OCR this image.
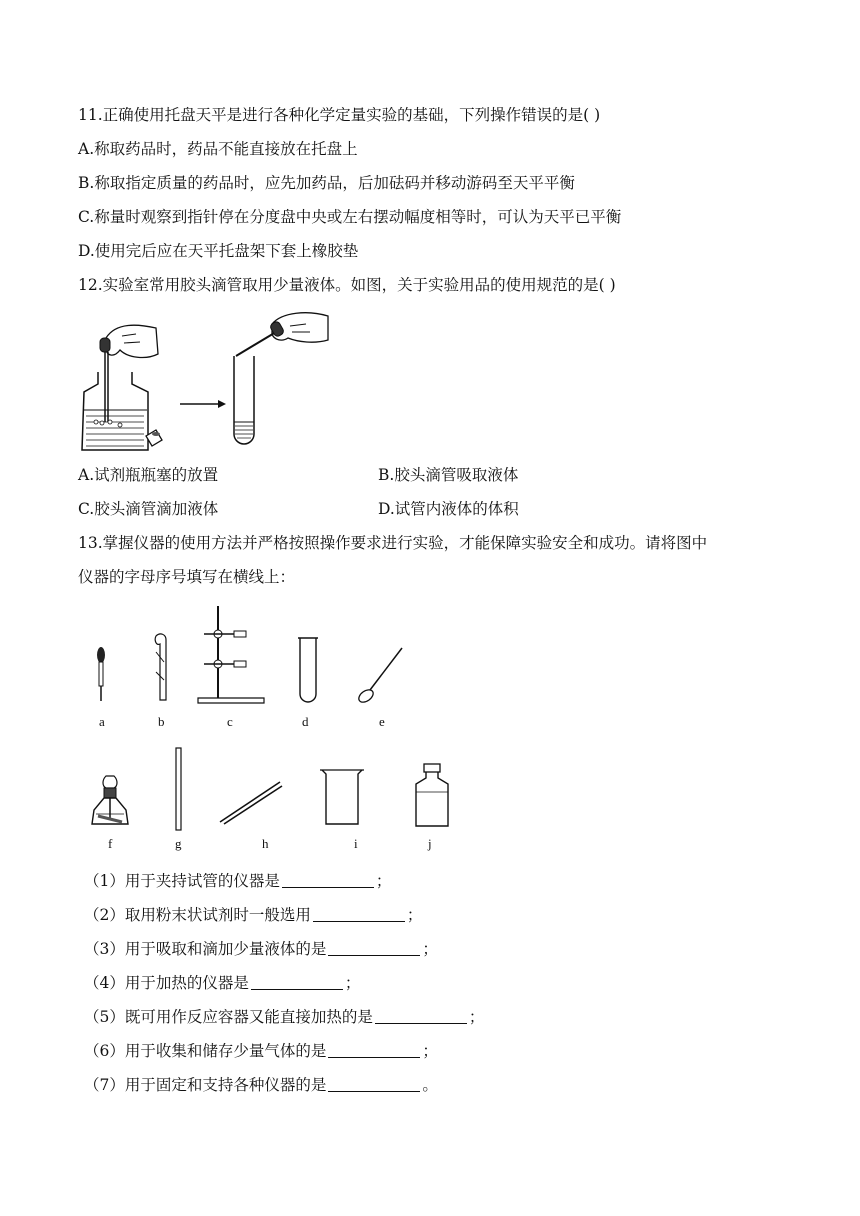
11.正确使用托盘天平是进行各种化学定量实验的基础，下列操作错误的是( )
A.称取药品时，药品不能直接放在托盘上
B.称取指定质量的药品时，应先加药品，后加砝码并移动游码至天平平衡
C.称量时观察到指针停在分度盘中央或左右摆动幅度相等时，可认为天平已平衡
D.使用完后应在天平托盘架下套上橡胶垫
12.实验室常用胶头滴管取用少量液体。如图，关于实验用品的使用规范的是( )
A.试剂瓶瓶塞的放置	B.胶头滴管吸取液体
C.胶头滴管滴加液体	D.试管内液体的体积
13.掌握仪器的使用方法并严格按照操作要求进行实验，才能保障实验安全和成功。请将图中
仪器的字母序号填写在横线上：
a	b	c	d	e
f	g	h	i	j
（1）用于夹持试管的仪器是	；
（2）取用粉末状试剂时一般选用	；
（3）用于吸取和滴加少量液体的是	；
（4）用于加热的仪器是	；
（5）既可用作反应容器又能直接加热的是	；
（6）用于收集和储存少量气体的是	；
（7）用于固定和支持各种仪器的是	。
